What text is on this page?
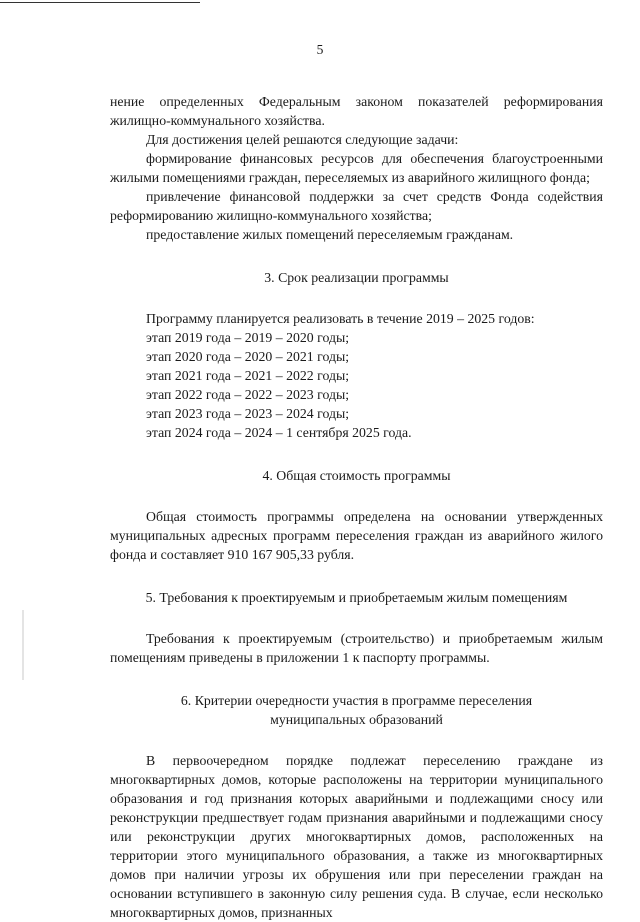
5

нение определенных Федеральным законом показателей реформирования жилищно-коммунального хозяйства.

Для достижения целей решаются следующие задачи:

формирование финансовых ресурсов для обеспечения благоустроенными жилыми помещениями граждан, переселяемых из аварийного жилищного фонда;

привлечение финансовой поддержки за счет средств Фонда содействия реформированию жилищно-коммунального хозяйства;

предоставление жилых помещений переселяемым гражданам.

3. Срок реализации программы

Программу планируется реализовать в течение 2019 – 2025 годов:

этап 2019 года – 2019 – 2020 годы;

этап 2020 года – 2020 – 2021 годы;

этап 2021 года – 2021 – 2022 годы;

этап 2022 года – 2022 – 2023 годы;

этап 2023 года – 2023 – 2024 годы;

этап 2024 года – 2024 – 1 сентября 2025 года.

4. Общая стоимость программы

Общая стоимость программы определена на основании утвержденных муниципальных адресных программ переселения граждан из аварийного жилого фонда и составляет 910 167 905,33 рубля.

5. Требования к проектируемым и приобретаемым жилым помещениям

Требования к проектируемым (строительство) и приобретаемым жилым помещениям приведены в приложении 1 к паспорту программы.

6. Критерии очередности участия в программе переселения

муниципальных образований

В первоочередном порядке подлежат переселению граждане из многоквартирных домов, которые расположены на территории муниципального образования и год признания которых аварийными и подлежащими сносу или реконструкции предшествует годам признания аварийными и подлежащими сносу или реконструкции других многоквартирных домов, расположенных на территории этого муниципального образования, а также из многоквартирных домов при наличии угрозы их обрушения или при переселении граждан на основании вступившего в законную силу решения суда. В случае, если несколько многоквартирных домов, признанных
